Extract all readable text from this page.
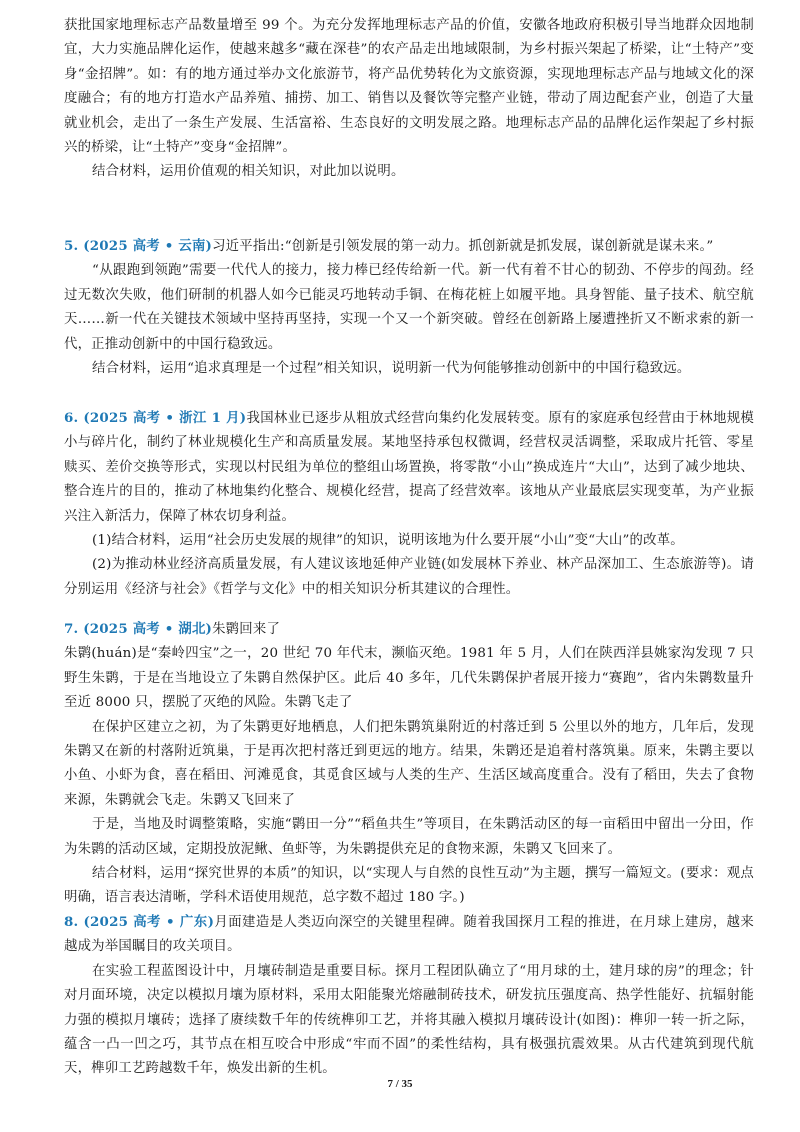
获批国家地理标志产品数量增至 99 个。为充分发挥地理标志产品的价值，安徽各地政府积极引导当地群众因地制宜，大力实施品牌化运作，使越来越多“藏在深巷”的农产品走出地域限制，为乡村振兴架起了桥梁，让“土特产”变身“金招牌”。如：有的地方通过举办文化旅游节，将产品优势转化为文旅资源，实现地理标志产品与地域文化的深度融合；有的地方打造水产品养殖、捕捞、加工、销售以及餐饮等完整产业链，带动了周边配套产业，创造了大量就业机会，走出了一条生产发展、生活富裕、生态良好的文明发展之路。地理标志产品的品牌化运作架起了乡村振兴的桥梁，让“土特产”变身“金招牌”。

结合材料，运用价值观的相关知识，对此加以说明。

5. (2025 高考 • 云南)习近平指出:“创新是引领发展的第一动力。抓创新就是抓发展，谋创新就是谋未来。”

“从跟跑到领跑”需要一代代人的接力，接力棒已经传给新一代。新一代有着不甘心的韧劲、不停步的闯劲。经过无数次失败，他们研制的机器人如今已能灵巧地转动手铜、在梅花桩上如履平地。具身智能、量子技术、航空航天……新一代在关键技术领域中坚持再坚持，实现一个又一个新突破。曾经在创新路上屡遭挫折又不断求索的新一代，正推动创新中的中国行稳致远。

结合材料，运用“追求真理是一个过程”相关知识，说明新一代为何能够推动创新中的中国行稳致远。

6. (2025 高考 • 浙江 1 月)我国林业已逐步从粗放式经营向集约化发展转变。原有的家庭承包经营由于林地规模小与碎片化，制约了林业规模化生产和高质量发展。某地坚持承包权微调，经营权灵活调整，采取成片托管、零星赎买、差价交换等形式，实现以村民组为单位的整组山场置换，将零散“小山”换成连片“大山”，达到了减少地块、整合连片的目的，推动了林地集约化整合、规模化经营，提高了经营效率。该地从产业最底层实现变革，为产业振兴注入新活力，保障了林农切身利益。

(1)结合材料，运用“社会历史发展的规律”的知识，说明该地为什么要开展“小山”变“大山”的改革。

(2)为推动林业经济高质量发展，有人建议该地延伸产业链(如发展林下养业、林产品深加工、生态旅游等)。请分别运用《经济与社会》《哲学与文化》中的相关知识分析其建议的合理性。

7. (2025 高考 • 湖北)朱鹮回来了

朱鹮(huán)是“秦岭四宝”之一，20 世纪 70 年代末，濒临灭绝。1981 年 5 月，人们在陕西洋县姚家沟发现 7 只野生朱鹮，于是在当地设立了朱鹮自然保护区。此后 40 多年，几代朱鹮保护者展开接力“赛跑”，省内朱鹮数量升至近 8000 只，摆脱了灭绝的风险。朱鹮飞走了

在保护区建立之初，为了朱鹮更好地栖息，人们把朱鹮筑巢附近的村落迁到 5 公里以外的地方，几年后，发现朱鹮又在新的村落附近筑巢，于是再次把村落迁到更远的地方。结果，朱鹮还是追着村落筑巢。原来，朱鹮主要以小鱼、小虾为食，喜在稻田、河滩觅食，其觅食区域与人类的生产、生活区域高度重合。没有了稻田，失去了食物来源，朱鹮就会飞走。朱鹮又飞回来了

于是，当地及时调整策略，实施“鹮田一分”“稻鱼共生”等项目，在朱鹮活动区的每一亩稻田中留出一分田，作为朱鹮的活动区域，定期投放泥鳅、鱼虾等，为朱鹮提供充足的食物来源，朱鹮又飞回来了。

结合材料，运用“探究世界的本质”的知识，以“实现人与自然的良性互动”为主题，撰写一篇短文。(要求：观点明确，语言表达清晰，学科术语使用规范，总字数不超过 180 字。)

8. (2025 高考 • 广东)月面建造是人类迈向深空的关键里程碑。随着我国探月工程的推进，在月球上建房，越来越成为举国瞩目的攻关项目。

在实验工程蓝图设计中，月壤砖制造是重要目标。探月工程团队确立了“用月球的土，建月球的房”的理念；针对月面环境，决定以模拟月壤为原材料，采用太阳能聚光熔融制砖技术，研发抗压强度高、热学性能好、抗辐射能力强的模拟月壤砖；选择了赓续数千年的传统榫卯工艺，并将其融入模拟月壤砖设计(如图)：榫卯一转一折之际，蕴含一凸一凹之巧，其节点在相互咬合中形成“牢而不固”的柔性结构，具有极强抗震效果。从古代建筑到现代航天，榫卯工艺跨越数千年，焕发出新的生机。

7 / 35
